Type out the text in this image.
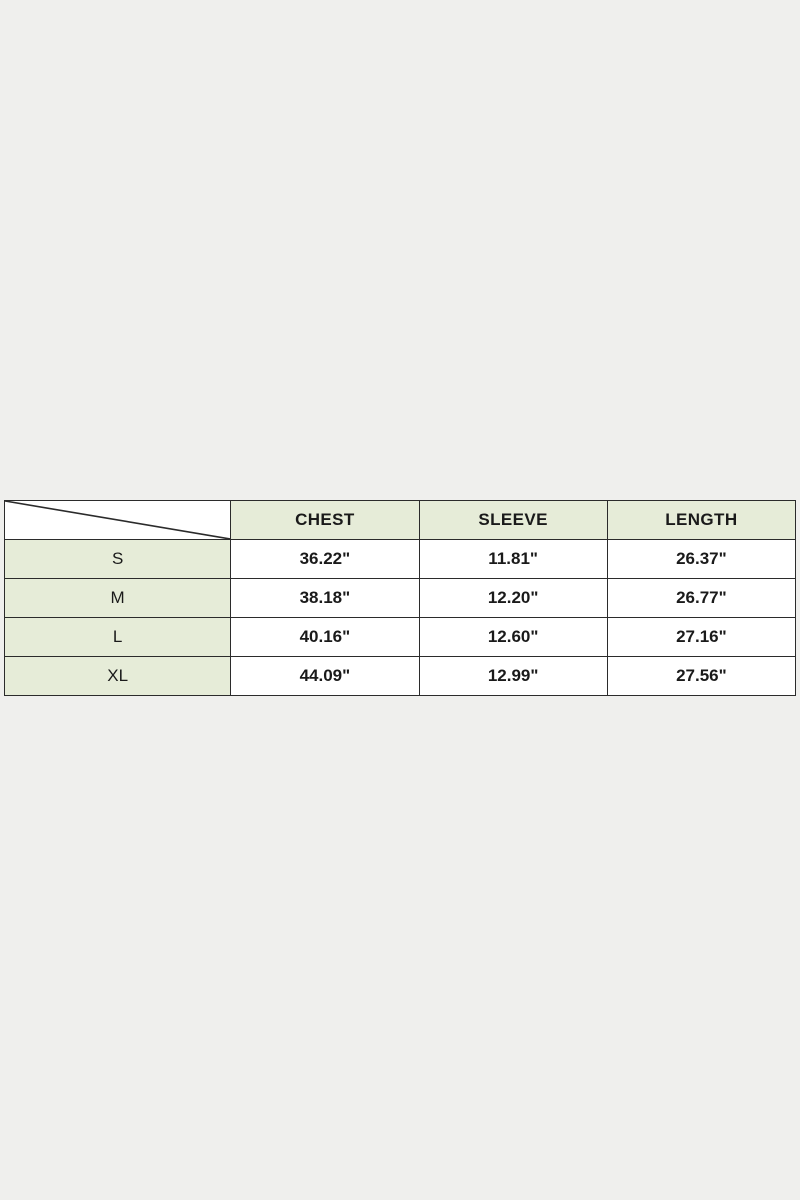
	CHEST	SLEEVE	LENGTH
S	36.22"	11.81"	26.37"
M	38.18"	12.20"	26.77"
L	40.16"	12.60"	27.16"
XL	44.09"	12.99"	27.56"
